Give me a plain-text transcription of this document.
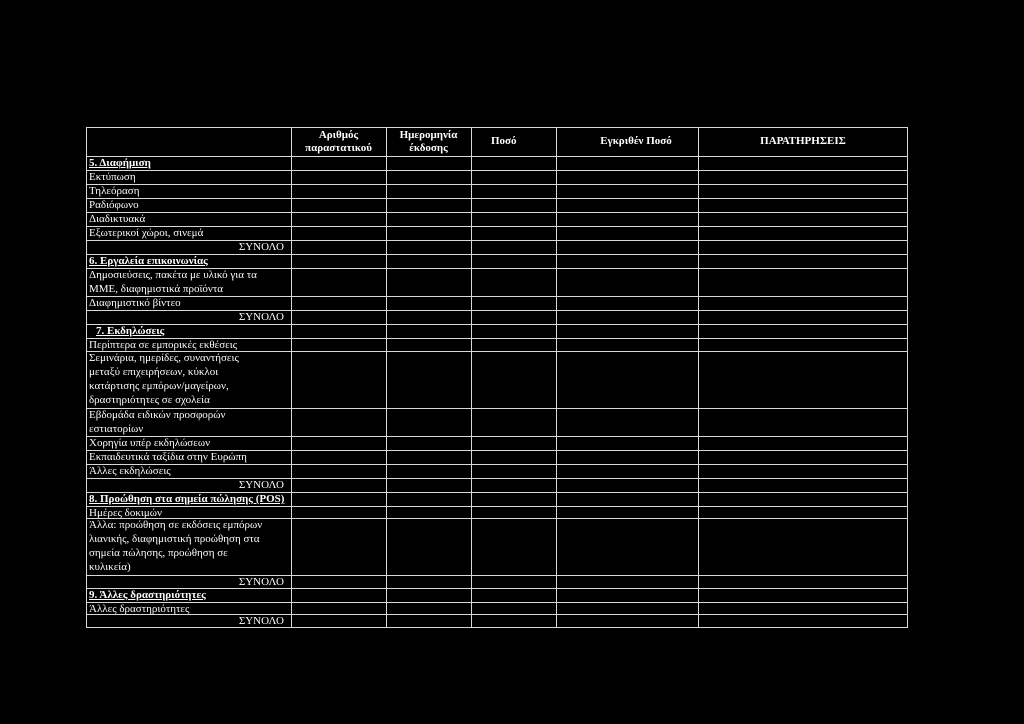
Αριθμός παραστατικού
Ημερομηνία έκδοσης
Ποσό	Εγκριθέν Ποσό	ΠΑΡΑΤΗΡΗΣΕΙΣ
5. Διαφήμιση
Εκτύπωση
Τηλεόραση
Ραδιόφωνο
Διαδικτυακά
Εξωτερικοί χώροι, σινεμά
ΣΥΝΟΛΟ
6. Εργαλεία επικοινωνίας
Δημοσιεύσεις, πακέτα με υλικό για τα
ΜΜΕ, διαφημιστικά προϊόντα
Διαφημιστικό βίντεο
ΣΥΝΟΛΟ
7. Εκδηλώσεις
Περίπτερα σε εμπορικές εκθέσεις
Σεμινάρια, ημερίδες, συναντήσεις
μεταξύ επιχειρήσεων, κύκλοι
κατάρτισης εμπόρων/μαγείρων,
δραστηριότητες σε σχολεία
Εβδομάδα ειδικών προσφορών
εστιατορίων
Χορηγία υπέρ εκδηλώσεων
Εκπαιδευτικά ταξίδια στην Ευρώπη
Άλλες εκδηλώσεις
ΣΥΝΟΛΟ
8. Προώθηση στα σημεία πώλησης (POS)
Ημέρες δοκιμών
Άλλα: προώθηση σε εκδόσεις εμπόρων
λιανικής, διαφημιστική προώθηση στα
σημεία πώλησης, προώθηση σε
κυλικεία)
ΣΥΝΟΛΟ
9. Άλλες δραστηριότητες
Άλλες δραστηριότητες
ΣΥΝΟΛΟ
